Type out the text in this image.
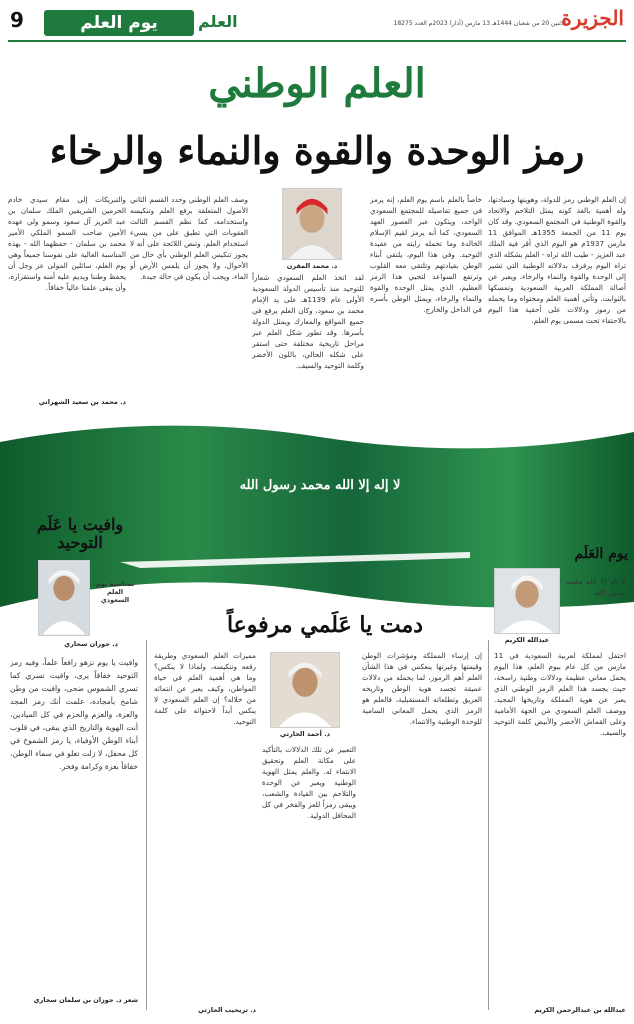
9	يوم العلم	العلم	الاثنين 20 من شعبان 1444هـ 13 مارس (آذار) 2023م العدد 18275
الجزيرة
العلم الوطني
رمز الوحدة والقوة والنماء والرخاء

إن العلم الوطني رمز للدولة، وهويتها وسيادتها، وله أهمية بالغة كونه يمثل التلاحم والاتحاد والقوة الوطنية في المجتمع السعودي. وقد كان يوم 11 من الجمعة 1355هـ الموافق 11 مارس 1937م هو اليوم الذي أقر فيه الملك عبد العزيز - طيب الله ثراه - العلم بشكله الذي تراه اليوم يرفرف بدلالاته الوطنية التي تشير إلى الوحدة والقوة والنماء والرخاء، ويعبر عن أصالة المملكة العربية السعودية وتمسكها بالثوابت. وتأتي أهمية العلم ومحتواه وما يحمله من رموز ودلالات على أحقية هذا اليوم بالاحتفاء تحت مسمى يوم العلم.

خاصاً بالعلم باسم يوم العلم، إنه يرمز في جميع تفاصيله للمجتمع السعودي الواحد، ويتكون عبر العصور العهد السعودي، كما أنه يرمز لقيم الإسلام الخالدة وما تحمله رايته من عقيدة التوحيد. وفي هذا اليوم، يلتقي أبناء الوطن بقيادتهم وتلتقي معه القلوب وترتفع السواعد لتحيي هذا الرمز العظيم، الذي يمثل الوحدة والقوة والنماء والرخاء، ويمثل الوطن بأسره في الداخل والخارج.

د. محمد المقرن

لقد اتخذ العلم السعودي شعاراً للتوحيد منذ تأسيس الدولة السعودية الأولى عام 1139هـ على يد الإمام محمد بن سعود، وكان العلم يرفع في جميع المواقع والمعارك ويمثل الدولة بأسرها. وقد تطور شكل العلم عبر مراحل تاريخية مختلفة حتى استقر على شكله الحالي، باللون الأخضر وكلمة التوحيد والسيف.

وصف العلم الوطني وحدد القسم الثاني الأصول المتعلقة برفع العلم وتنكيسه واستخدامه، كما نظم القسم الثالث العقوبات التي تطبق على من يسيء استخدام العلم. وتنص اللائحة على أنه لا يجوز تنكيس العلم الوطني بأي حال من الأحوال، ولا يجوز أن يلمس الأرض أو الماء، ويجب أن يكون في حالة جيدة.

والتبريكات إلى مقام سيدي خادم الحرمين الشريفين الملك سلمان بن عبد العزيز آل سعود وسمو ولي عهده الأمين صاحب السمو الملكي الأمير محمد بن سلمان - حفظهما الله - بهذه المناسبة الغالية على نفوسنا جميعاً وهي يوم العلم، سائلين المولى عز وجل أن يحفظ وطننا ويديم عليه أمنه واستقراره، وأن يبقى علمنا عالياً خفاقاً.

د. محمد بن سعيد الشهراني
لا إله إلا الله محمد رسول الله
وافيت يا عَلَم التوحيد
بمناسبة يوم العلم السعودي
د. جوزان سحاري

وافيت يا يوم تزهو رافعاً علماً، وفيه رمز التوحيد خفاقاً يرى، وافيت تسري كما تسري الشموس ضحى، وافيت من وطن شامخ بأمجاده، علمت أنك رمز المجد والعزة، والعزم والحزم في كل الميادين، أنت الهوية والتاريخ الذي يبقى، في قلوب أبناء الوطن الأوفياء، يا رمز الشموخ في كل محفل، لا زلت تعلو في سماء الوطن، خفاقاً بعزة وكرامة وفخر.

شعر د. جوزان بن سلمان سحاري
دمت يا عَلَمي مرفوعاً
د. أحمد الحارثي

إن إرساء المملكة ومؤشرات الوطن وقيمتها وغيرتها ينعكس في هذا الشأن العلم أهم الرموز، لما يحمله من دلالات عميقة تجسد هوية الوطن وتاريخه العريق وتطلعاته المستقبلية، فالعلم هو الرمز الذي يحمل المعاني السامية للوحدة الوطنية والانتماء.

التعبير عن تلك الدلالات بالتأكيد على مكانة العلم وتحقيق الانتماء له. والعلم يمثل الهوية الوطنية ويعبر عن الوحدة والتلاحم بين القيادة والشعب، ويبقى رمزاً للعز والفخر في كل المحافل الدولية.

مميزات العلم السعودي وطريقة رفعه وتنكيسه، ولماذا لا ينكس؟ وما هي أهمية العلم في حياة المواطن، وكيف يعبر عن انتمائه من خلاله؟ إن العلم السعودي لا ينكس أبداً لاحتوائه على كلمة التوحيد.

د. تريحيب الحارثي
يوم العَلَم
عبدالله الكريم

احتفل لمملكة لعربية السعودية في 11 مارس من كل عام بيوم العلم، هذا اليوم يحمل معاني عظيمة ودلالات وطنية راسخة، حيث يجسد هذا العلم الرمز الوطني الذي يعبر عن هوية المملكة وتاريخها المجيد. ووصف العلم السعودي من الجهة الأمامية وعلى القماش الأخضر والأبيض كلمة التوحيد والسيف.

لا إله إلا الله محمد رسول الله

عبدالله بن عبدالرحمن الكريم
